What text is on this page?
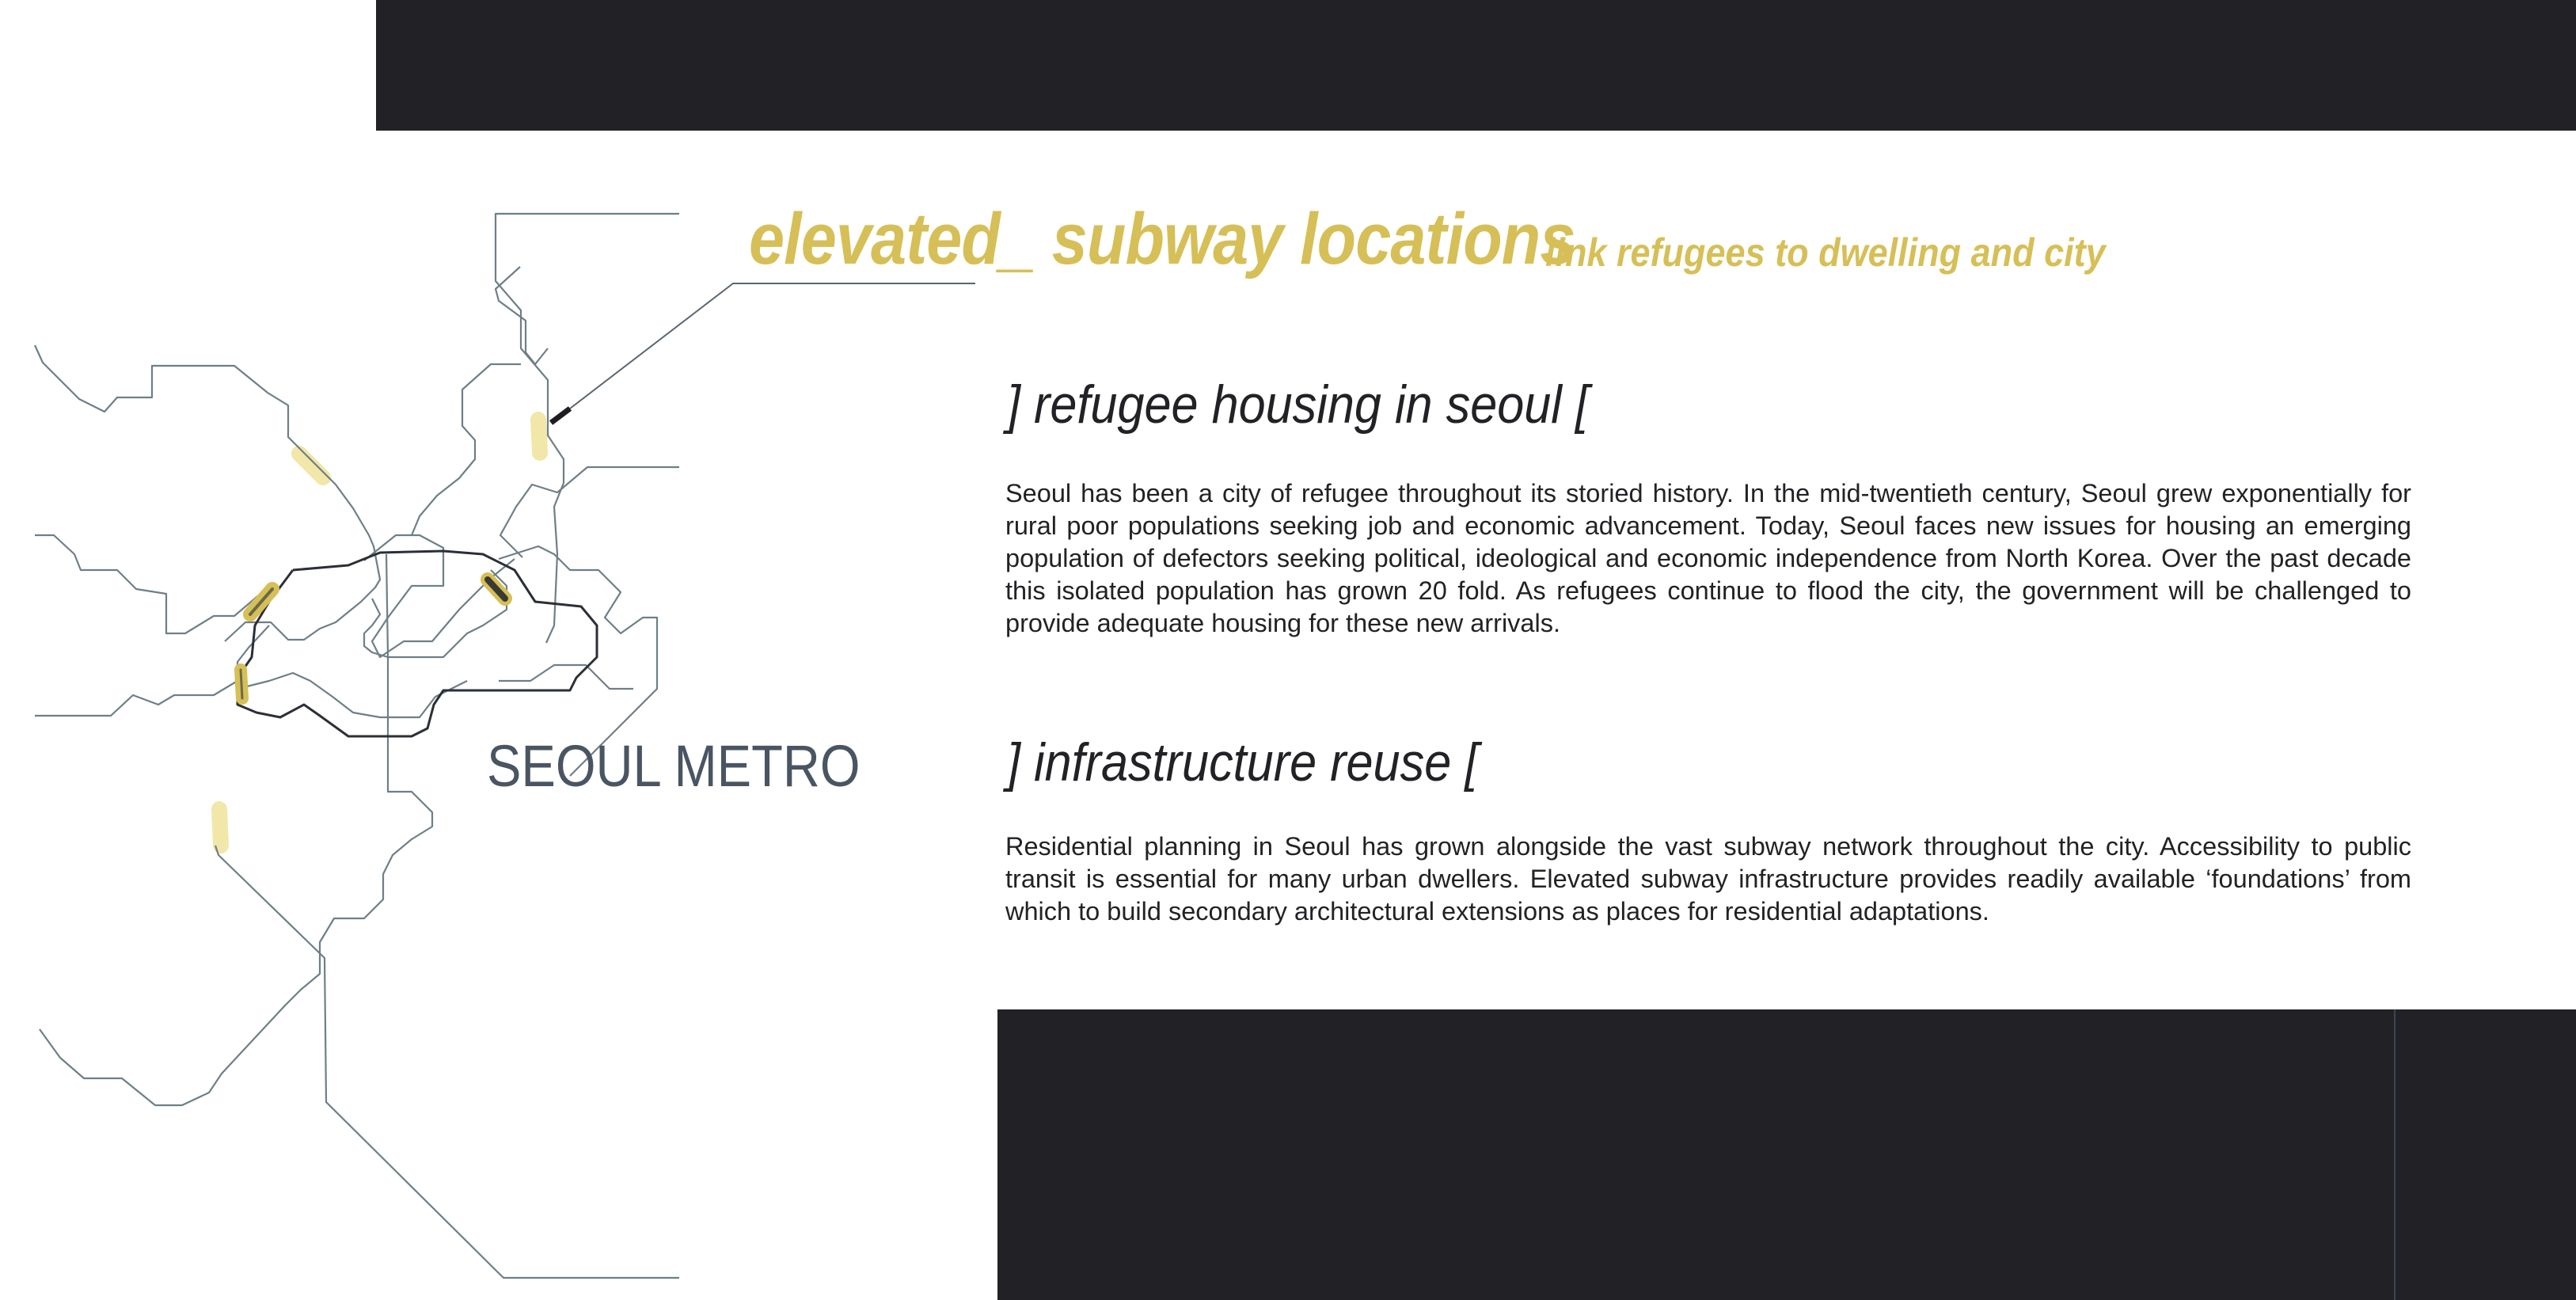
elevated_ subway locations
link refugees to dwelling and city
SEOUL METRO
] refugee housing in seoul [

Seoul has been a city of refugee throughout its storied history. In the mid-twentieth century, Seoul grew exponentially for rural poor populations seeking job and economic advancement. Today, Seoul faces new issues for housing an emerging population of defectors seeking political, ideological and economic independence from North Korea. Over the past decade this isolated population has grown 20 fold. As refugees continue to flood the city, the government will be challenged to provide adequate housing for these new arrivals.

] infrastructure reuse [

Residential planning in Seoul has grown alongside the vast subway network throughout the city. Accessibility to public transit is essential for many urban dwellers. Elevated subway infrastructure provides readily available ‘foundations’ from which to build secondary architectural extensions as places for residential adaptations.
